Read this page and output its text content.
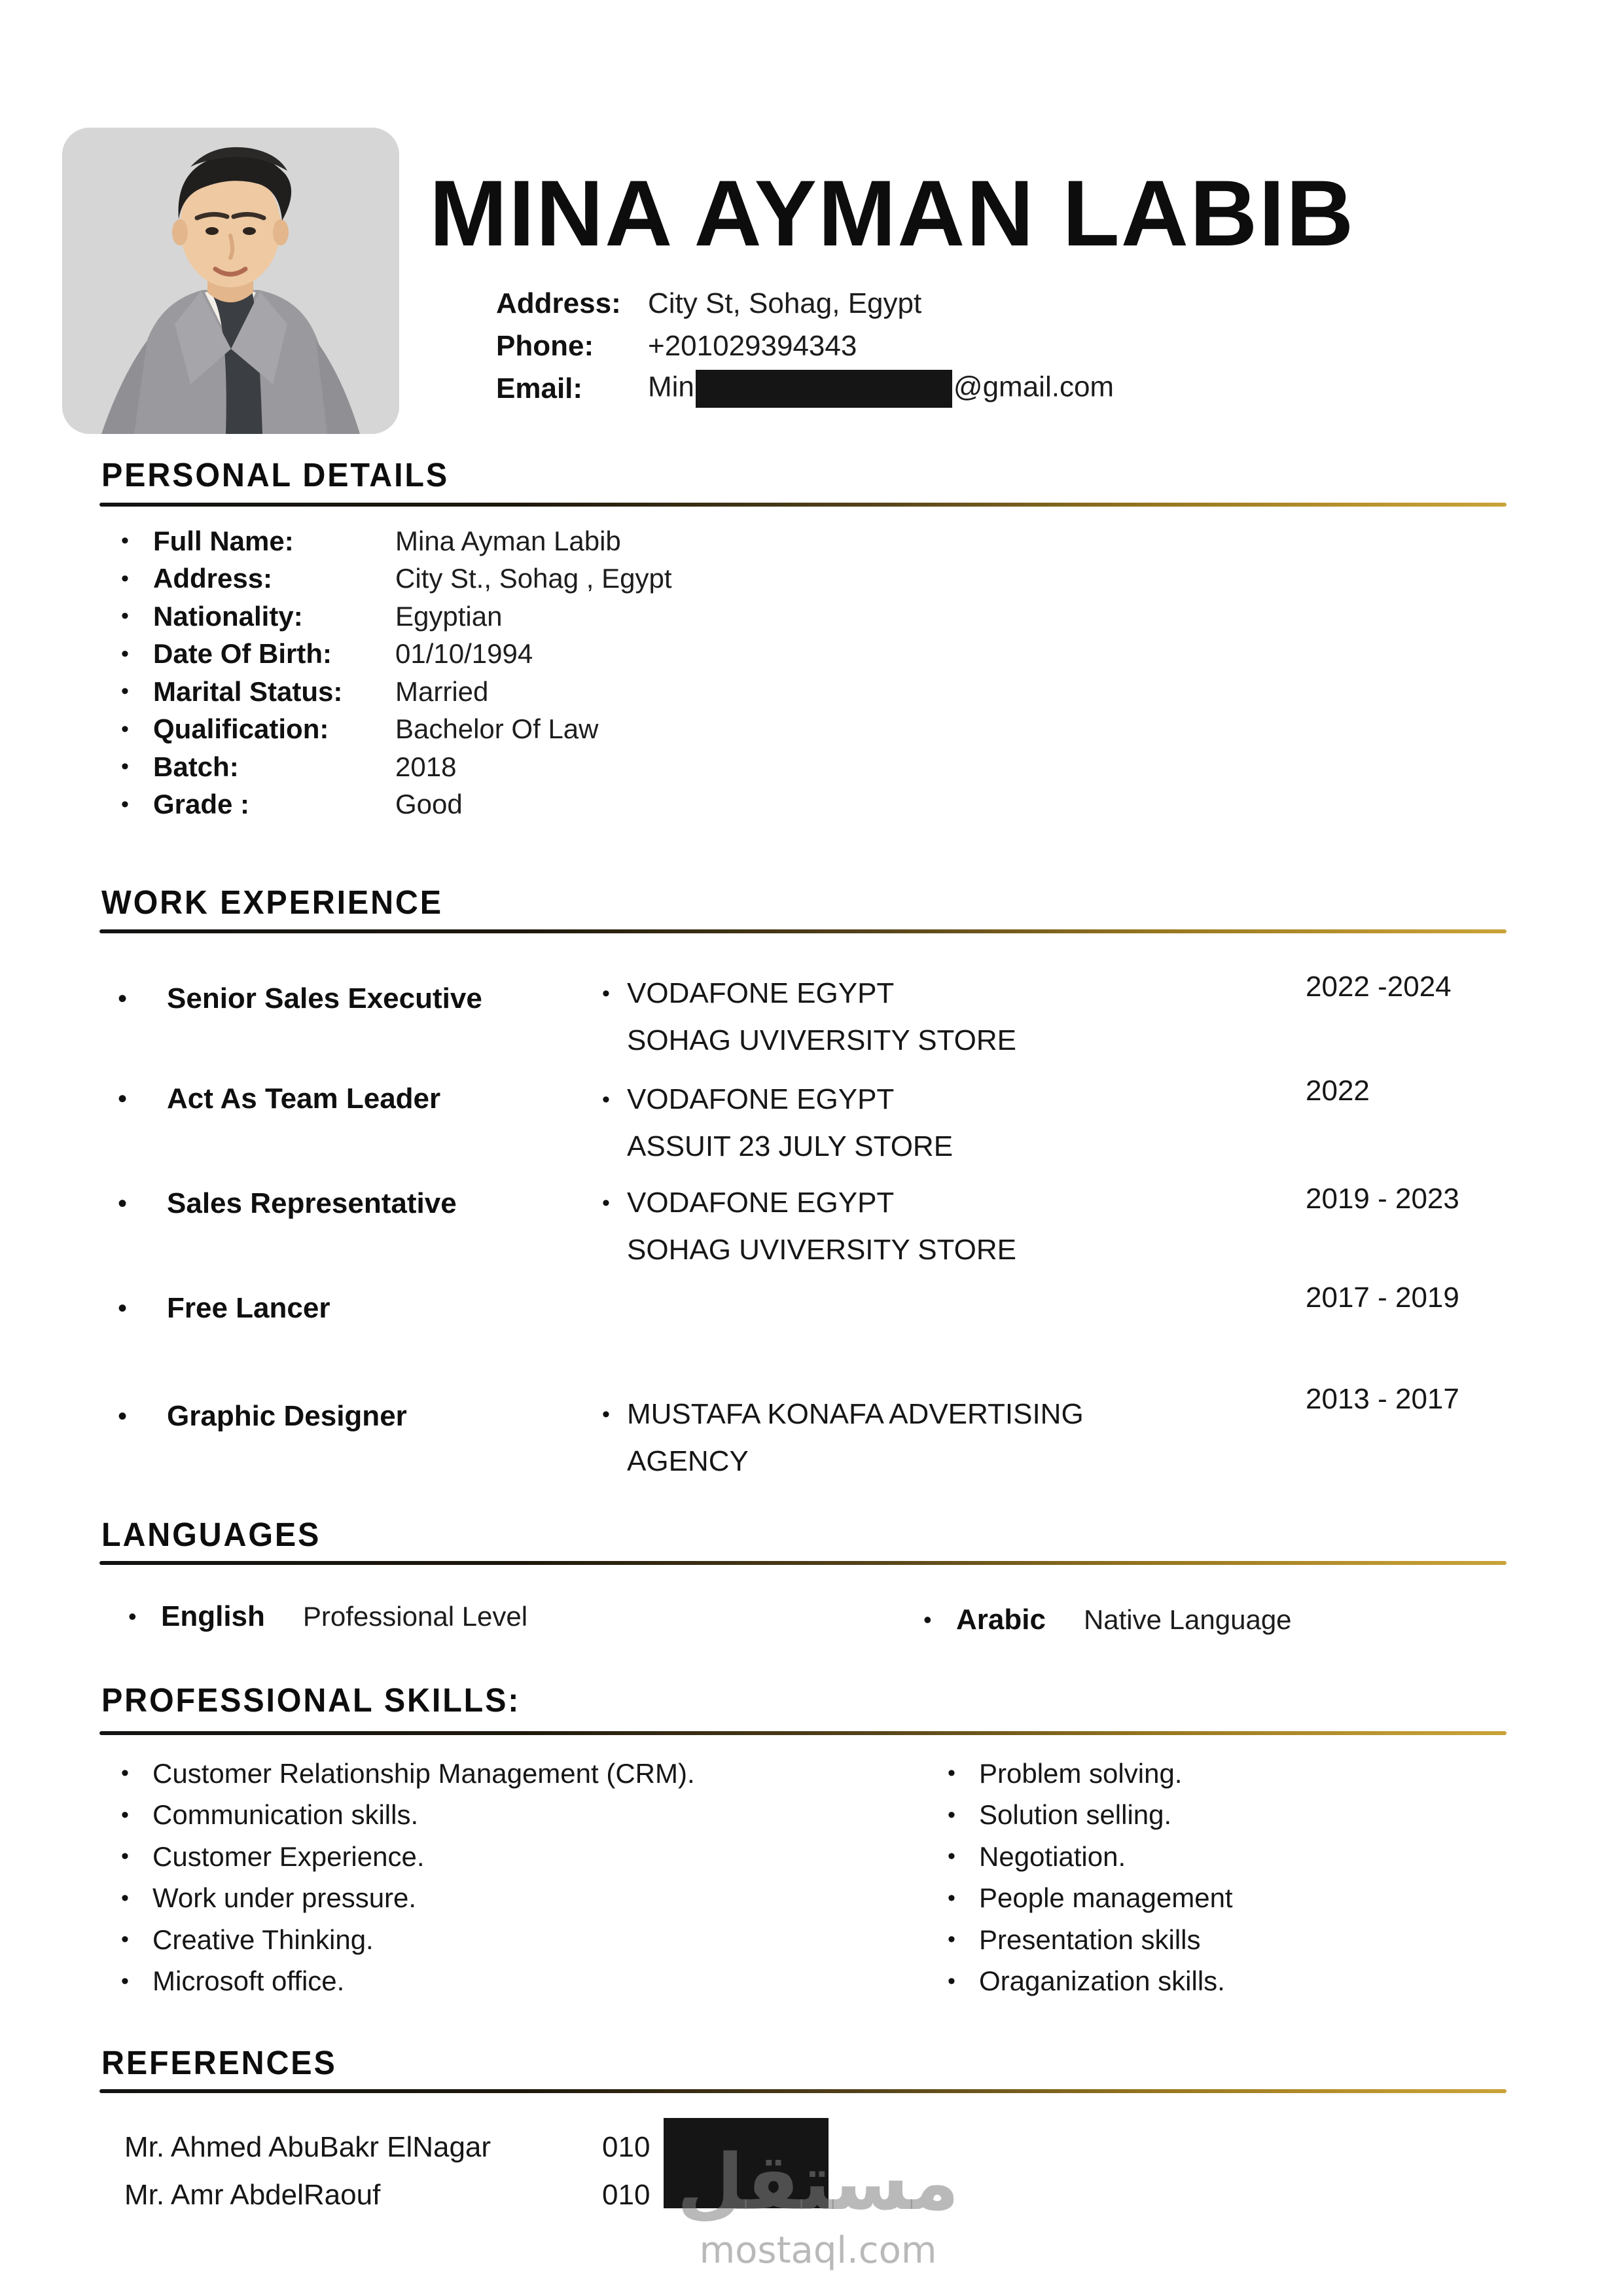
MINA AYMAN LABIB
Address: City St, Sohag, Egypt
Phone:	+201029394343
Email:	Min	@gmail.com
PERSONAL DETAILS
•
Full Name:	Mina Ayman Labib
•
Address:	City St., Sohag , Egypt
•
Nationality:	Egyptian
•
Date Of Birth:	01/10/1994
•
Marital Status:	Married
•
Qualification:	Bachelor Of Law
•
Batch:	2018
•
Grade :	Good
WORK EXPERIENCE
•
Senior Sales Executive •	VODAFONE EGYPT
SOHAG UVIVERSITY STORE
2022 -2024
•
Act As Team Leader •	VODAFONE EGYPT
ASSUIT 23 JULY STORE
2022
•
Sales Representative •	VODAFONE EGYPT
SOHAG UVIVERSITY STORE
2019 - 2023
•
Free Lancer	2017 - 2019
•
Graphic Designer •	MUSTAFA KONAFA ADVERTISING
AGENCY
2013 - 2017
LANGUAGES
•
English Professional Level •	Arabic Native Language
PROFESSIONAL SKILLS:
•
Customer Relationship Management (CRM).
•
Communication skills.
•
Customer Experience.
•
Work under pressure.
•
Creative Thinking.
•
Microsoft office.
•
Problem solving.
•
Solution selling.
•
Negotiation.
•
People management
•
Presentation skills
•
Oraganization skills.
REFERENCES
Mr. Ahmed AbuBakr ElNagar	010
Mr. Amr AbdelRaouf	010 مستقل
mostaql.com
